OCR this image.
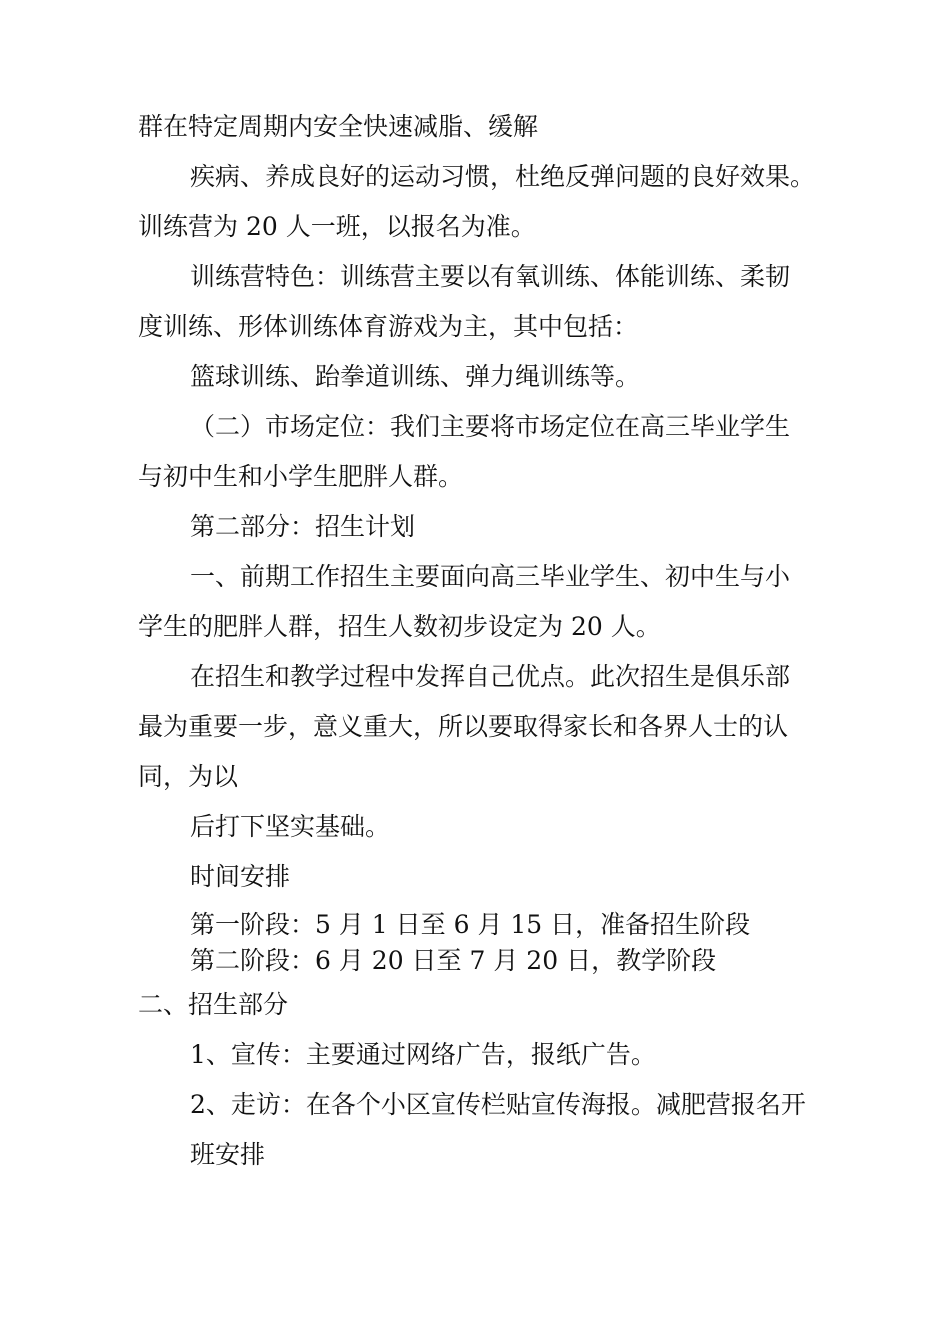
群在特定周期内安全快速减脂、缓解
疾病、养成良好的运动习惯，杜绝反弹问题的良好效果。
训练营为 20 人一班，以报名为准。
训练营特色：训练营主要以有氧训练、体能训练、柔韧
度训练、形体训练体育游戏为主，其中包括：
篮球训练、跆拳道训练、弹力绳训练等。
（二）市场定位：我们主要将市场定位在高三毕业学生
与初中生和小学生肥胖人群。
第二部分：招生计划
一、前期工作招生主要面向高三毕业学生、初中生与小
学生的肥胖人群，招生人数初步设定为 20 人。
在招生和教学过程中发挥自己优点。此次招生是俱乐部
最为重要一步，意义重大，所以要取得家长和各界人士的认
同，为以
后打下坚实基础。
时间安排
第一阶段：5 月 1 日至 6 月 15 日，准备招生阶段
第二阶段：6 月 20 日至 7 月 20 日，教学阶段
二、招生部分
1、宣传：主要通过网络广告，报纸广告。
2、走访：在各个小区宣传栏贴宣传海报。减肥营报名开
班安排
